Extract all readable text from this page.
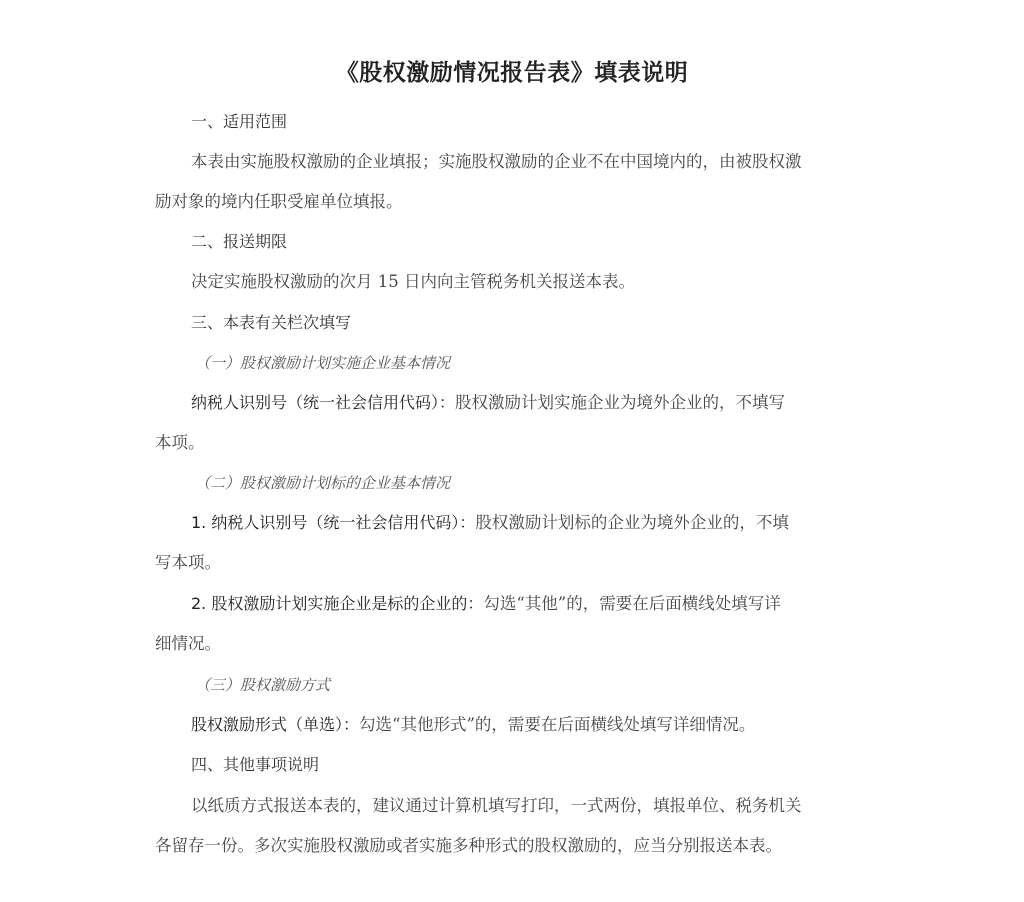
《股权激励情况报告表》填表说明
一、适用范围
本表由实施股权激励的企业填报；实施股权激励的企业不在中国境内的，由被股权激
励对象的境内任职受雇单位填报。
二、报送期限
决定实施股权激励的次月 15 日内向主管税务机关报送本表。
三、本表有关栏次填写
（一）股权激励计划实施企业基本情况
纳税人识别号（统一社会信用代码）：股权激励计划实施企业为境外企业的，不填写
本项。
（二）股权激励计划标的企业基本情况
1. 纳税人识别号（统一社会信用代码）：股权激励计划标的企业为境外企业的，不填
写本项。
2. 股权激励计划实施企业是标的企业的：勾选“其他”的，需要在后面横线处填写详
细情况。
（三）股权激励方式
股权激励形式（单选）：勾选“其他形式”的，需要在后面横线处填写详细情况。
四、其他事项说明
以纸质方式报送本表的，建议通过计算机填写打印，一式两份，填报单位、税务机关
各留存一份。多次实施股权激励或者实施多种形式的股权激励的，应当分别报送本表。
